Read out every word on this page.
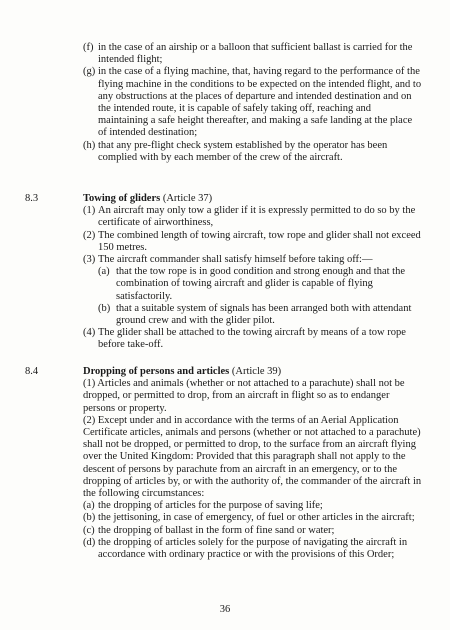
(f) in the case of an airship or a balloon that sufficient ballast is carried for the intended flight;

(g) in the case of a flying machine, that, having regard to the performance of the flying machine in the conditions to be expected on the intended flight, and to any obstructions at the places of departure and intended destination and on the intended route, it is capable of safely taking off, reaching and maintaining a safe height thereafter, and making a safe landing at the place of intended destination;

(h) that any pre-flight check system established by the operator has been complied with by each member of the crew of the aircraft.

8.3	Towing of gliders (Article 37)

(1) An aircraft may only tow a glider if it is expressly permitted to do so by the certificate of airworthiness,

(2) The combined length of towing aircraft, tow rope and glider shall not exceed 150 metres.

(3) The aircraft commander shall satisfy himself before taking off:—

(a) that the tow rope is in good condition and strong enough and that the combination of towing aircraft and glider is capable of flying satisfactorily.

(b) that a suitable system of signals has been arranged both with attendant ground crew and with the glider pilot.

(4) The glider shall be attached to the towing aircraft by means of a tow rope before take-off.

8.4	Dropping of persons and articles (Article 39)

(1) Articles and animals (whether or not attached to a parachute) shall not be dropped, or permitted to drop, from an aircraft in flight so as to endanger persons or property.

(2) Except under and in accordance with the terms of an Aerial Application Certificate articles, animals and persons (whether or not attached to a parachute) shall not be dropped, or permitted to drop, to the surface from an aircraft flying over the United Kingdom: Provided that this paragraph shall not apply to the descent of persons by parachute from an aircraft in an emergency, or to the dropping of articles by, or with the authority of, the commander of the aircraft in the following circumstances:

(a) the dropping of articles for the purpose of saving life;

(b) the jettisoning, in case of emergency, of fuel or other articles in the aircraft;

(c) the dropping of ballast in the form of fine sand or water;

(d) the dropping of articles solely for the purpose of navigating the aircraft in accordance with ordinary practice or with the provisions of this Order;

36
